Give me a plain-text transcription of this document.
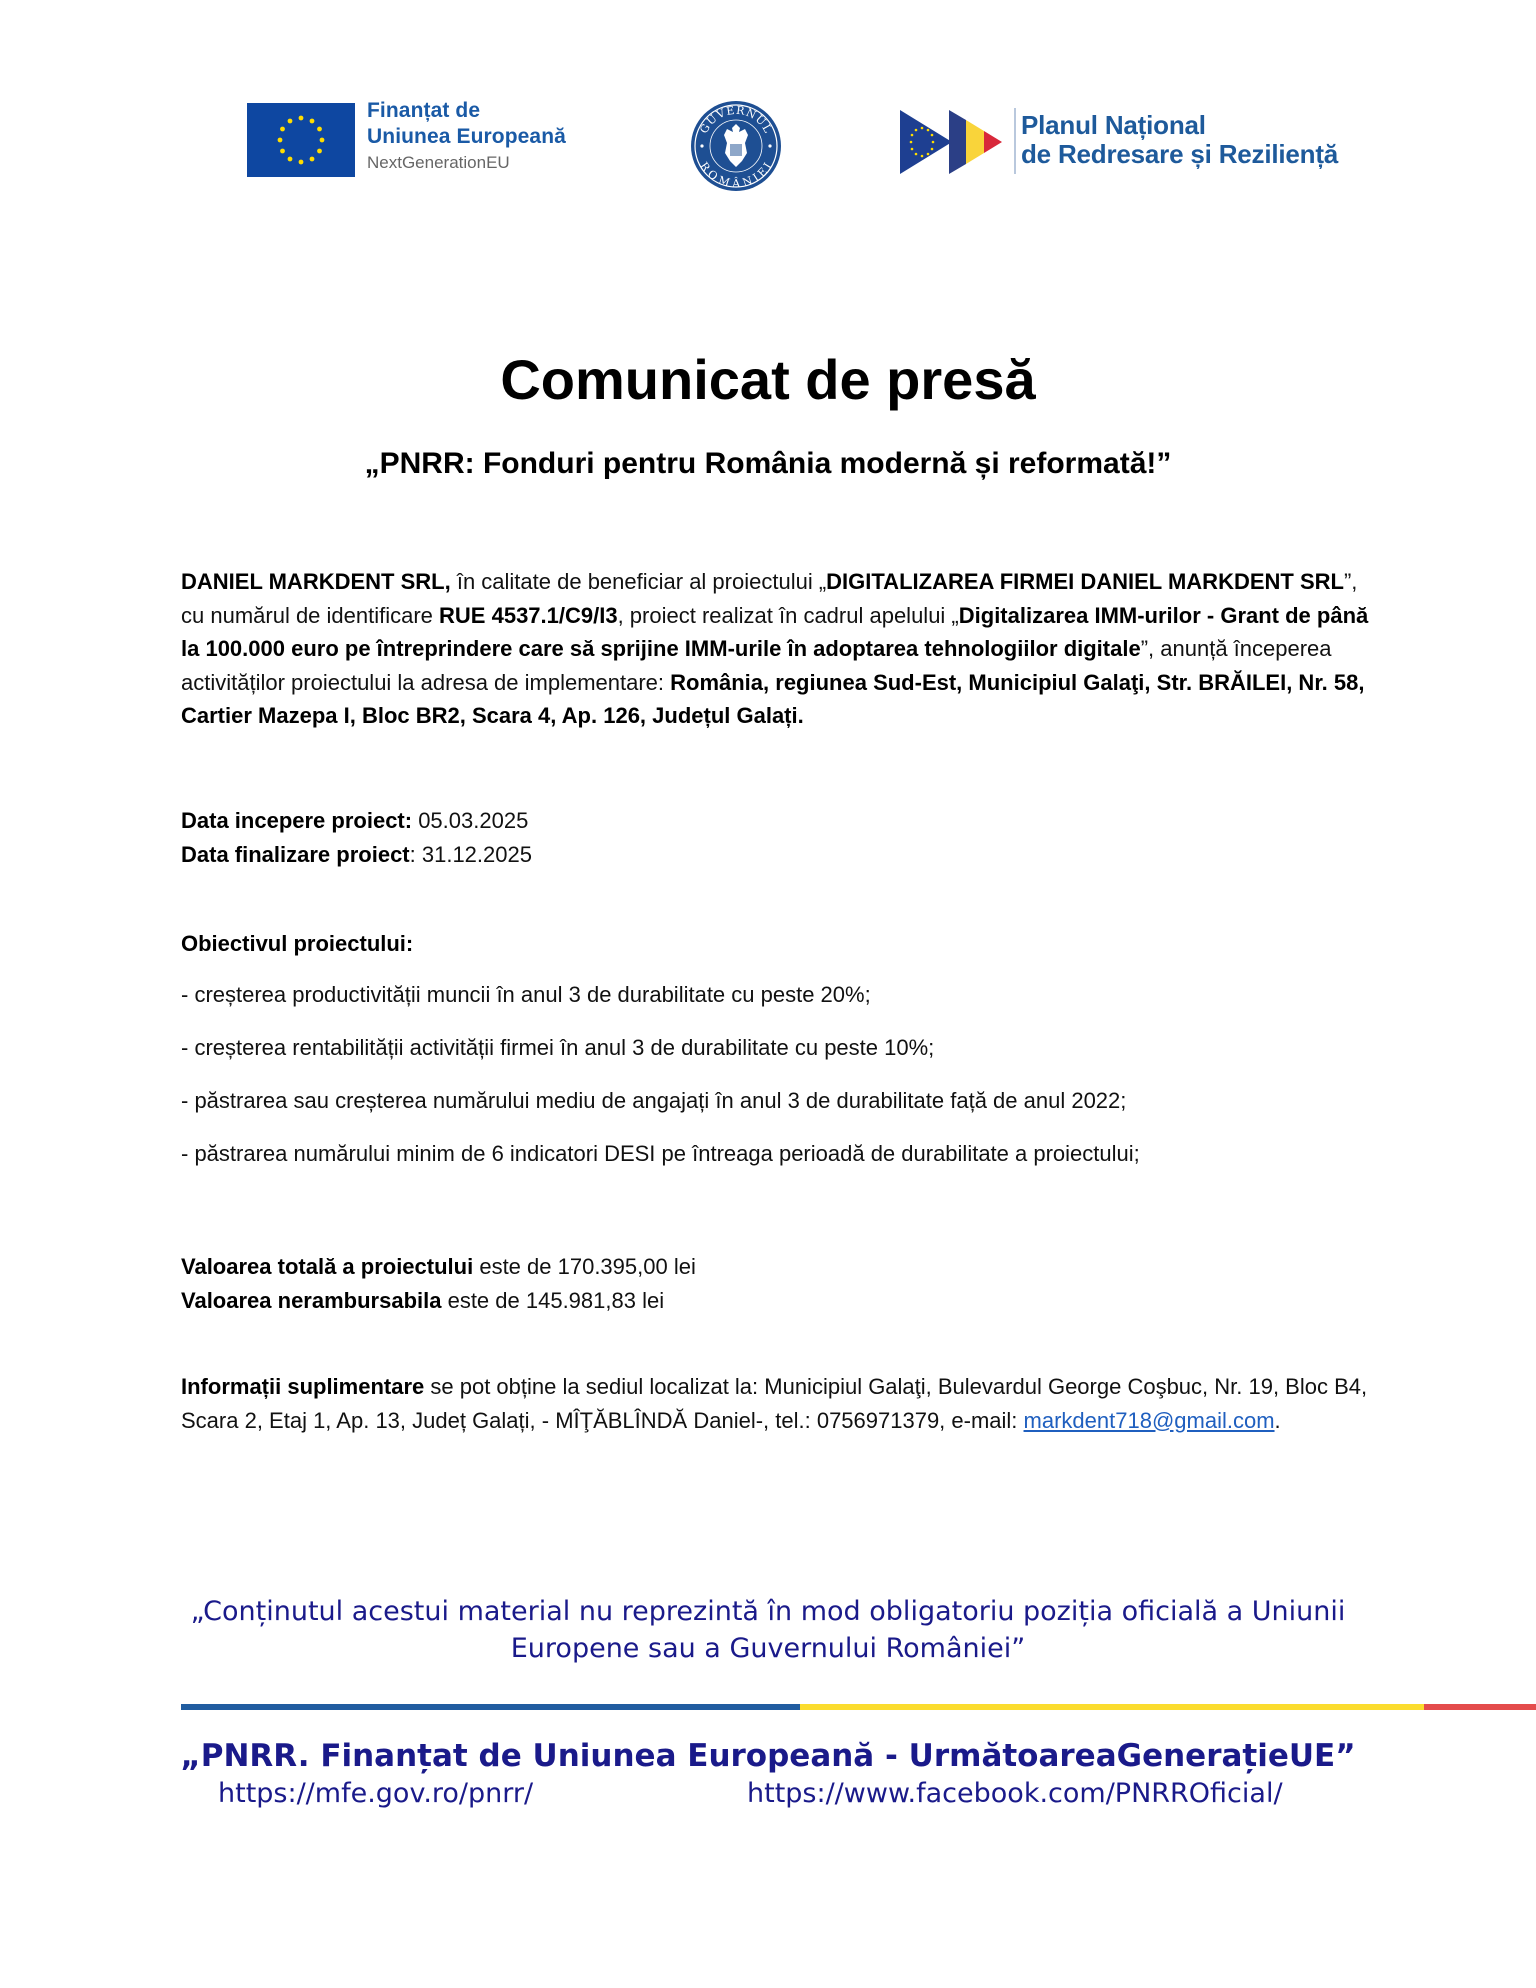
Finanțat de
Uniunea Europeană
NextGenerationEU
GUVERNUL
ROMÂNIEI
Planul Național
de Redresare și Reziliență
Comunicat de presă
„PNRR: Fonduri pentru România modernă și reformată!”
DANIEL MARKDENT SRL, în calitate de beneficiar al proiectului „DIGITALIZAREA FIRMEI DANIEL MARKDENT SRL”, cu numărul de identificare RUE 4537.1/C9/I3, proiect realizat în cadrul apelului „Digitalizarea IMM-urilor - Grant de până la 100.000 euro pe întreprindere care să sprijine IMM-urile în adoptarea tehnologiilor digitale”, anunță începerea activităților proiectului la adresa de implementare: România, regiunea Sud-Est, Municipiul Galaţi, Str. BRĂILEI, Nr. 58, Cartier Mazepa I, Bloc BR2, Scara 4, Ap. 126, Județul Galați.
Data incepere proiect: 05.03.2025
Data finalizare proiect: 31.12.2025
Obiectivul proiectului:
- creșterea productivității muncii în anul 3 de durabilitate cu peste 20%;
- creșterea rentabilității activității firmei în anul 3 de durabilitate cu peste 10%;
- păstrarea sau creșterea numărului mediu de angajați în anul 3 de durabilitate față de anul 2022;
- păstrarea numărului minim de 6 indicatori DESI pe întreaga perioadă de durabilitate a proiectului;
Valoarea totală a proiectului este de 170.395,00 lei
Valoarea nerambursabila este de 145.981,83 lei
Informații suplimentare se pot obține la sediul localizat la: Municipiul Galaţi, Bulevardul George Coşbuc, Nr. 19, Bloc B4, Scara 2, Etaj 1, Ap. 13, Județ Galați, - MÎŢĂBLÎNDĂ Daniel-, tel.: 0756971379, e-mail: markdent718@gmail.com.
„Conținutul acestui material nu reprezintă în mod obligatoriu poziția oficială a Uniunii Europene sau a Guvernului României”
„PNRR. Finanțat de Uniunea Europeană - UrmătoareaGenerațieUE”
https://mfe.gov.ro/pnrr/	https://www.facebook.com/PNRROficial/
